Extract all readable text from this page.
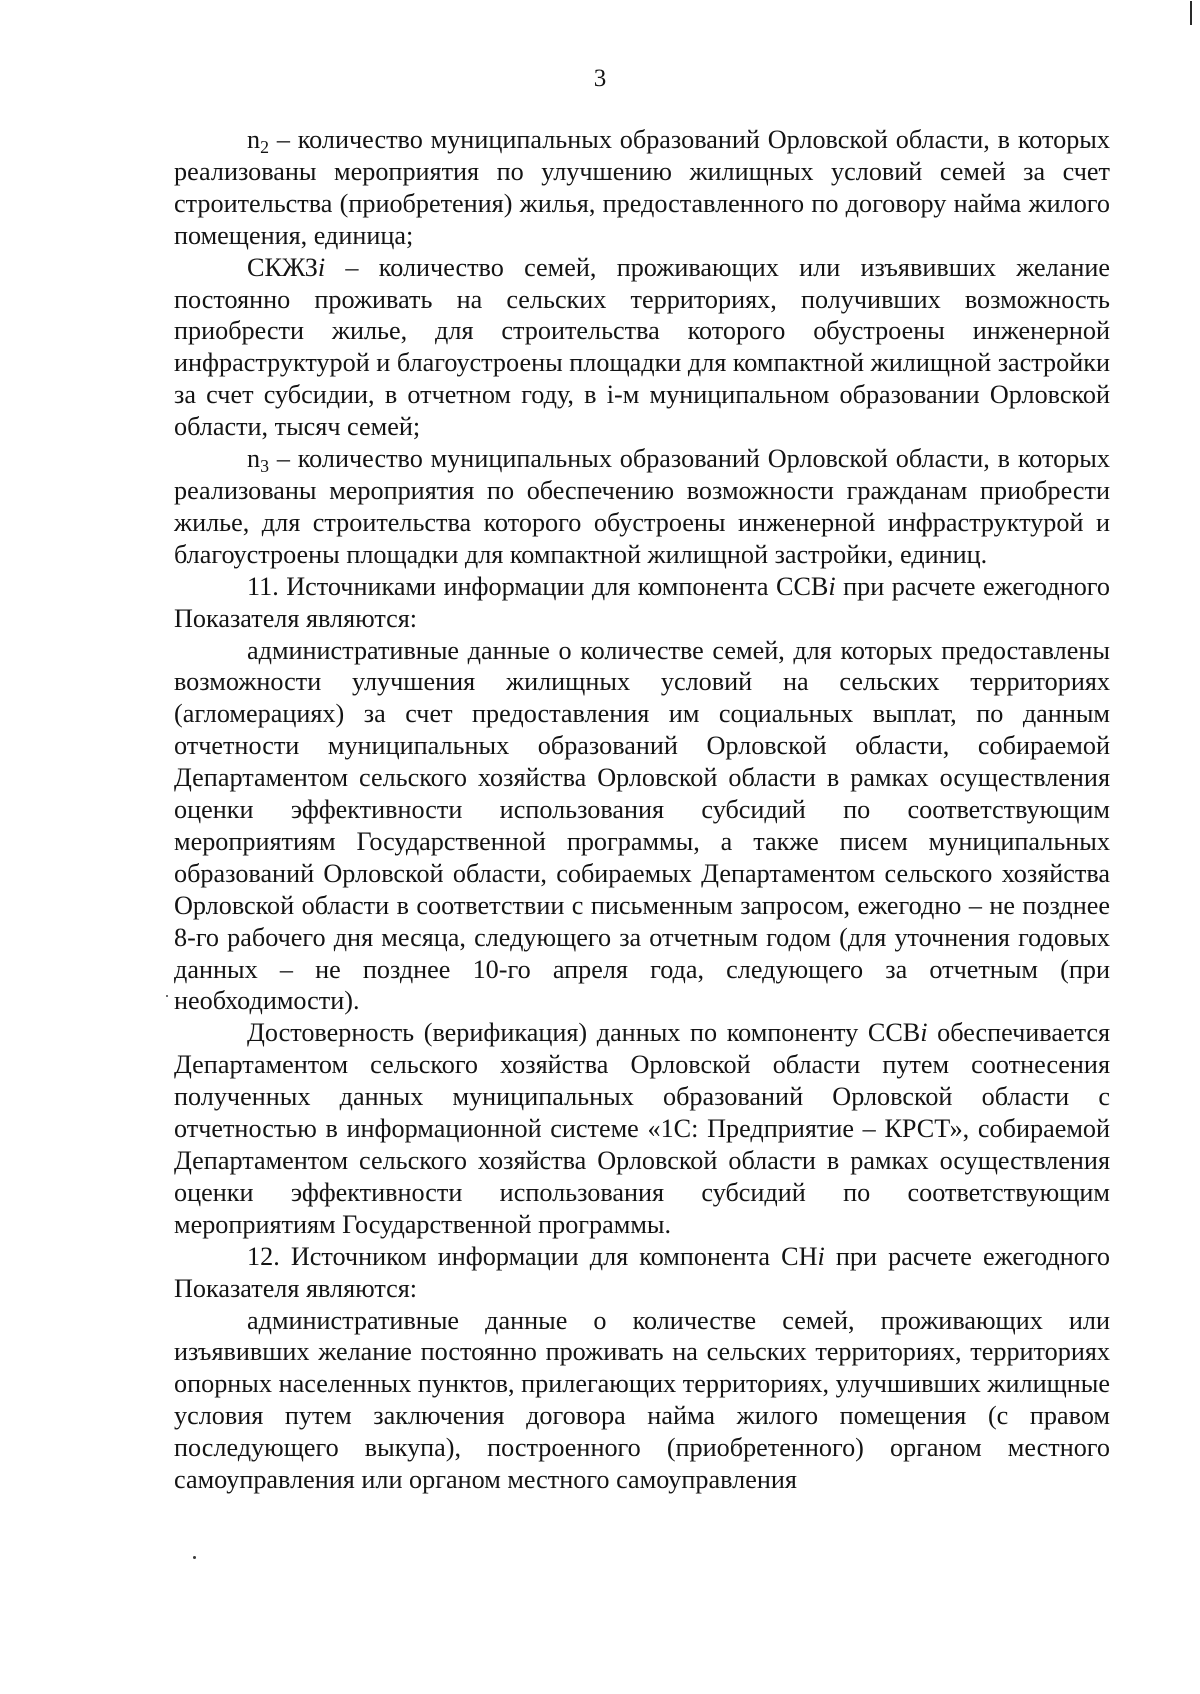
3

$n_2$ – количество муниципальных образований Орловской области, в которых реализованы мероприятия по улучшению жилищных условий семей за счет строительства (приобретения) жилья, предоставленного по договору найма жилого помещения, единица;

СКЖЗi – количество семей, проживающих или изъявивших желание постоянно проживать на сельских территориях, получивших возможность приобрести жилье, для строительства которого обустроены инженерной инфраструктурой и благоустроены площадки для компактной жилищной застройки за счет субсидии, в отчетном году, в i-м муниципальном образовании Орловской области, тысяч семей;

$n_3$ – количество муниципальных образований Орловской области, в которых реализованы мероприятия по обеспечению возможности гражданам приобрести жилье, для строительства которого обустроены инженерной инфраструктурой и благоустроены площадки для компактной жилищной застройки, единиц.

11. Источниками информации для компонента ССВi при расчете ежегодного Показателя являются:

административные данные о количестве семей, для которых предоставлены возможности улучшения жилищных условий на сельских территориях (агломерациях) за счет предоставления им социальных выплат, по данным отчетности муниципальных образований Орловской области, собираемой Департаментом сельского хозяйства Орловской области в рамках осуществления оценки эффективности использования субсидий по соответствующим мероприятиям Государственной программы, а также писем муниципальных образований Орловской области, собираемых Департаментом сельского хозяйства Орловской области в соответствии с письменным запросом, ежегодно – не позднее 8-го рабочего дня месяца, следующего за отчетным годом (для уточнения годовых данных – не позднее 10-го апреля года, следующего за отчетным (при необходимости).

Достоверность (верификация) данных по компоненту ССВi обеспечивается Департаментом сельского хозяйства Орловской области путем соотнесения полученных данных муниципальных образований Орловской области с отчетностью в информационной системе «1С: Предприятие – КРСТ», собираемой Департаментом сельского хозяйства Орловской области в рамках осуществления оценки эффективности использования субсидий по соответствующим мероприятиям Государственной программы.

12. Источником информации для компонента СНi при расчете ежегодного Показателя являются:

административные данные о количестве семей, проживающих или изъявивших желание постоянно проживать на сельских территориях, территориях опорных населенных пунктов, прилегающих территориях, улучшивших жилищные условия путем заключения договора найма жилого помещения (с правом последующего выкупа), построенного (приобретенного) органом местного самоуправления или органом местного самоуправления
